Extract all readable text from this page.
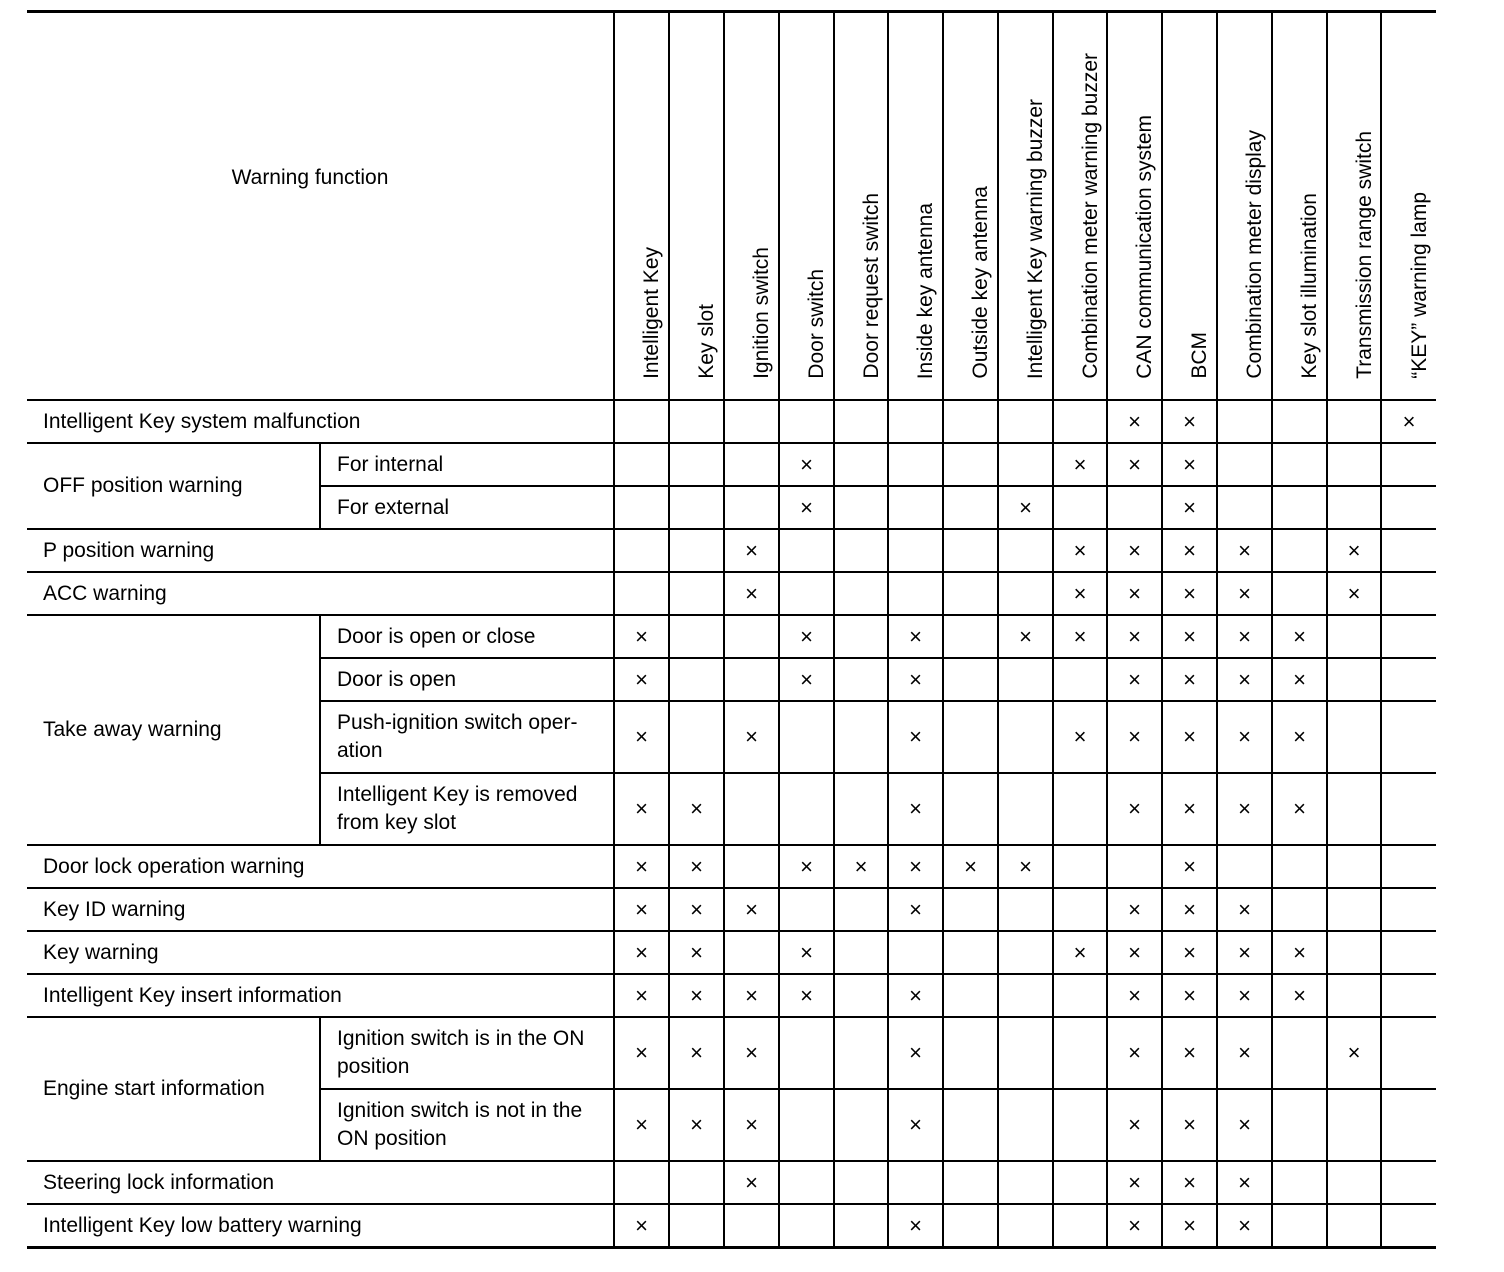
Warning function		Intelligent Key	Key slot	Ignition switch	Door switch	Door request switch	Inside key antenna	Outside key antenna	Intelligent Key warning buzzer	Combination meter warning buzzer	CAN communication system	BCM	Combination meter display	Key slot illumination	Transmission range switch	“KEY” warning lamp
Intelligent Key system malfunction											×	×				×
OFF position warning	For internal				×					×	×	×				
	For external				×				×			×				
P position warning				×						×	×	×	×		×	
ACC warning				×						×	×	×	×		×	
Take away warning	Door is open or close	×			×		×		×	×	×	×	×	×		
	Door is open	×			×		×				×	×	×	×		
	Push-ignition switch oper-ation	×		×			×			×	×	×	×	×		
	Intelligent Key is removed from key slot	×	×				×				×	×	×	×		
Door lock operation warning		×	×		×	×	×	×	×			×				
Key ID warning		×	×	×			×				×	×	×			
Key warning		×	×		×					×	×	×	×	×		
Intelligent Key insert information		×	×	×	×		×				×	×	×	×		
Engine start information	Ignition switch is in the ON position	×	×	×			×				×	×	×		×	
	Ignition switch is not in the ON position	×	×	×			×				×	×	×			
Steering lock information				×							×	×	×			
Intelligent Key low battery warning		×					×				×	×	×			
